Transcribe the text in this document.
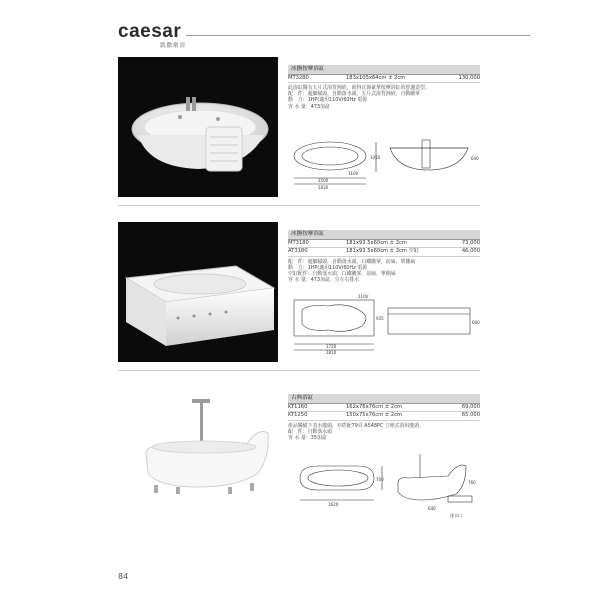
caesar
凱撒衛浴
冰撫按摩浴缸
MT3280	183x105x64cm ± 2cm	130,000
此浴缸獨有五片式浴背蝕嵌，嵌得宜與豪華按摩浴缸的舒適造型。
配　件：超細膩頭，自動落水頭，五片式浴背蝕嵌，自動騰掌
動　力：1HP(適用110V/60Hz 電源
容 水 量：473加侖
1500
1830
1050
110V
640
冰撫按摩浴缸
MT3180	181x93.5x60cm ± 2cm	73,000
AT3180	181x93.5x60cm ± 2cm 空缸	46,000
配　件：超細膩頭，自動落水頭，白鐵騰掌，前扁，單側扁
動　力：1HP(適用110V/60Hz 電源
空缸配件：自動落水頭，白鐵騰掌，前扁，單側扁
容 水 量：473加侖，分左右排水
1720
1810
935
110V
600
古典浴缸
KT1160	162x76x76cm ± 2cm	69,000
KT1250	150x75x76cm ± 2cm	65,000
產品獨備下表水龍頭，亦搭配79頁 A548PC 立地式浴用龍頭。
配　件：自動落水頭
容 水 量：35加侖
1620
760
760
640
排水口
84
